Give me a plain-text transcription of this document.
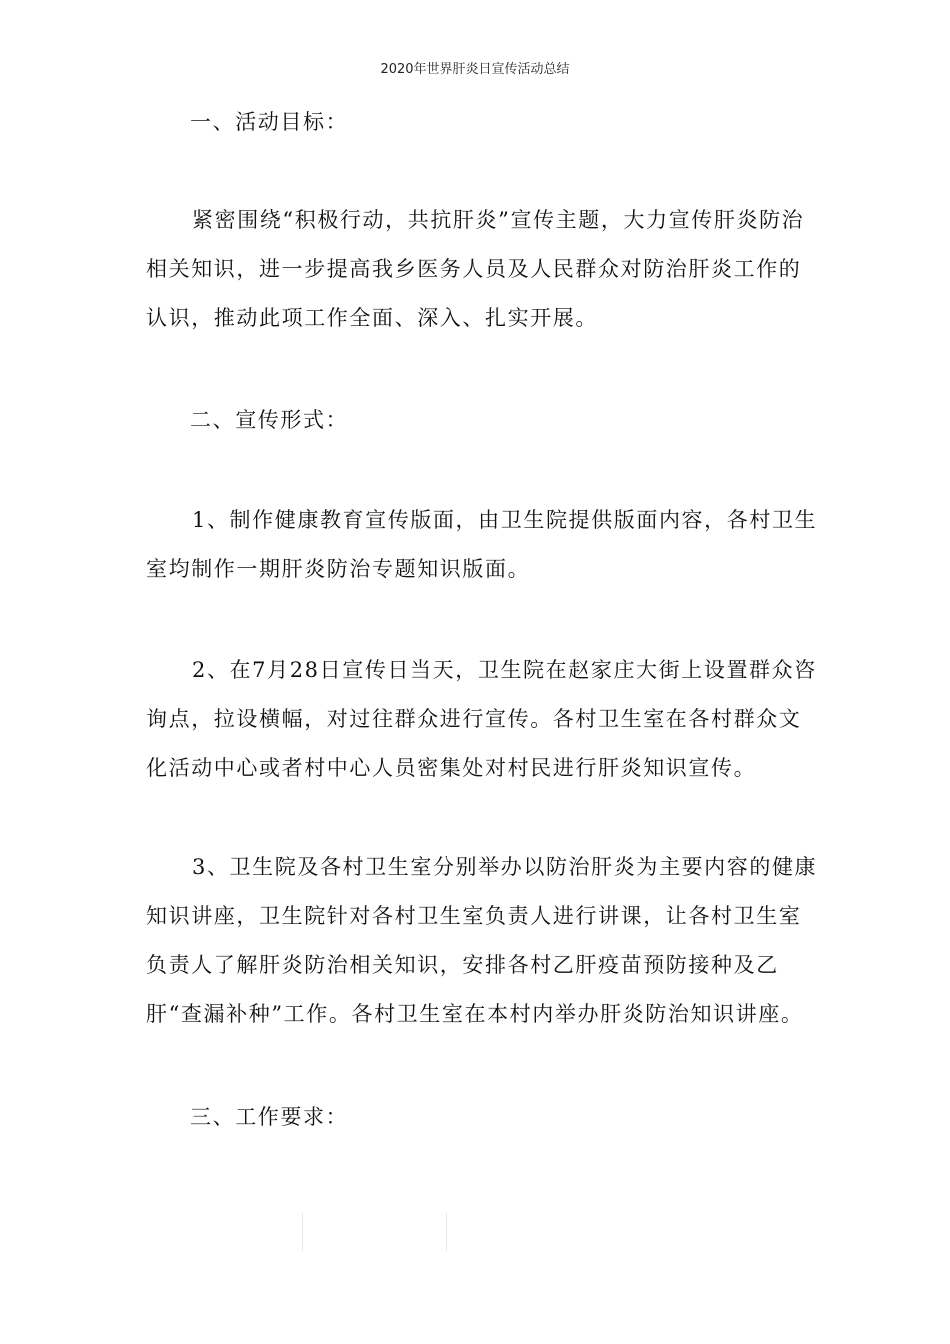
2020年世界肝炎日宣传活动总结
一、活动目标：
紧密围绕“积极行动，共抗肝炎”宣传主题，大力宣传肝炎防治相关知识，进一步提高我乡医务人员及人民群众对防治肝炎工作的认识，推动此项工作全面、深入、扎实开展。
二、宣传形式：
1、制作健康教育宣传版面，由卫生院提供版面内容，各村卫生室均制作一期肝炎防治专题知识版面。
2、在7月28日宣传日当天，卫生院在赵家庄大街上设置群众咨询点，拉设横幅，对过往群众进行宣传。各村卫生室在各村群众文化活动中心或者村中心人员密集处对村民进行肝炎知识宣传。
3、卫生院及各村卫生室分别举办以防治肝炎为主要内容的健康知识讲座，卫生院针对各村卫生室负责人进行讲课，让各村卫生室负责人了解肝炎防治相关知识，安排各村乙肝疫苗预防接种及乙肝“查漏补种”工作。各村卫生室在本村内举办肝炎防治知识讲座。
三、工作要求：
